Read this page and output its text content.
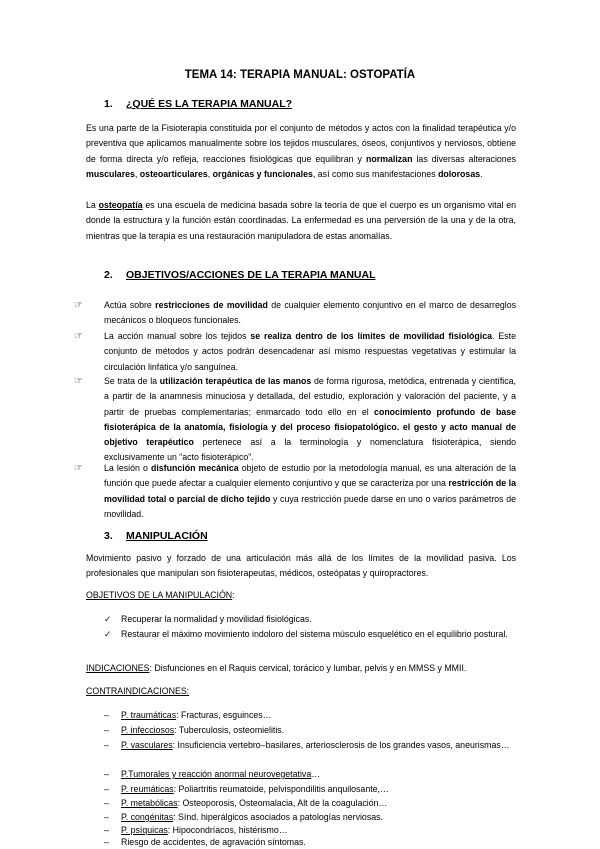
TEMA 14: TERAPIA MANUAL: OSTOPATÍA
1. ¿QUÉ ES LA TERAPIA MANUAL?

Es una parte de la Fisioterapia constituida por el conjunto de métodos y actos con la finalidad terapéutica y/o preventiva que aplicamos manualmente sobre los tejidos musculares, óseos, conjuntivos y nerviosos, obtiene de forma directa y/o refleja, reacciones fisiológicas que equilibran y normalizan las diversas alteraciones musculares, osteoarticulares, orgánicas y funcionales, así como sus manifestaciones dolorosas.

La osteopatía es una escuela de medicina basada sobre la teoría de que el cuerpo es un organismo vital en donde la estructura y la función están coordinadas. La enfermedad es una perversión de la una y de la otra, mientras que la terapia es una restauración manipuladora de estas anomalías.

2. OBJETIVOS/ACCIONES DE LA TERAPIA MANUAL
☞ Actúa sobre restricciones de movilidad de cualquier elemento conjuntivo en el marco de desarreglos mecánicos o bloqueos funcionales.
☞ La acción manual sobre los tejidos se realiza dentro de los límites de movilidad fisiológica. Este conjunto de métodos y actos podrán desencadenar así mismo respuestas vegetativas y estimular la circulación linfática y/o sanguínea.
☞ Se trata de la utilización terapéutica de las manos de forma rigurosa, metódica, entrenada y científica, a partir de la anamnesis minuciosa y detallada, del estudio, exploración y valoración del paciente, y a partir de pruebas complementarias; enmarcado todo ello en el conocimiento profundo de base fisioterápica de la anatomía, fisiología y del proceso fisiopatológico. el gesto y acto manual de objetivo terapéutico pertenece así a la terminología y nomenclatura fisioterápica, siendo exclusivamente un “acto fisioterápico”.
☞ La lesión o disfunción mecánica objeto de estudio por la metodología manual, es una alteración de la función que puede afectar a cualquier elemento conjuntivo y que se caracteriza por una restricción de la movilidad total o parcial de dicho tejido y cuya restricción puede darse en uno o varios parámetros de movilidad.
3. MANIPULACIÓN
Movimiento pasivo y forzado de una articulación más allá de los límites de la movilidad pasiva. Los profesionales que manipulan son fisioterapeutas, médicos, osteópatas y quiropractores.
OBJETIVOS DE LA MANIPULACIÓN:
✓ Recuperar la normalidad y movilidad fisiológicas.
✓ Restaurar el máximo movimiento indoloro del sistema músculo esquelético en el equilibrio postural.
INDICACIONES: Disfunciones en el Raquis cervical, torácico y lumbar, pelvis y en MMSS y MMII.
CONTRAINDICACIONES:
– P. traumáticas: Fracturas, esguinces…
– P. infecciosos: Tuberculosis, osteomielitis.
– P. vasculares: Insuficiencia vertebro–basilares, arteriosclerosis de los grandes vasos, aneurismas…
– P.Tumorales y reacción anormal neurovegetativa…
– P. reumáticas: Poliartritis reumatoide, pelvispondilitis anquilosante,…
– P. metabólicas: Osteoporosis, Osteomalacia, Alt de la coagulación…
– P. congénitas: Sínd. hiperálgicos asociados a patologías nerviosas.
– P. psíquicas: Hipocondríacos, histérismo…
– Riesgo de accidentes, de agravación síntomas.
